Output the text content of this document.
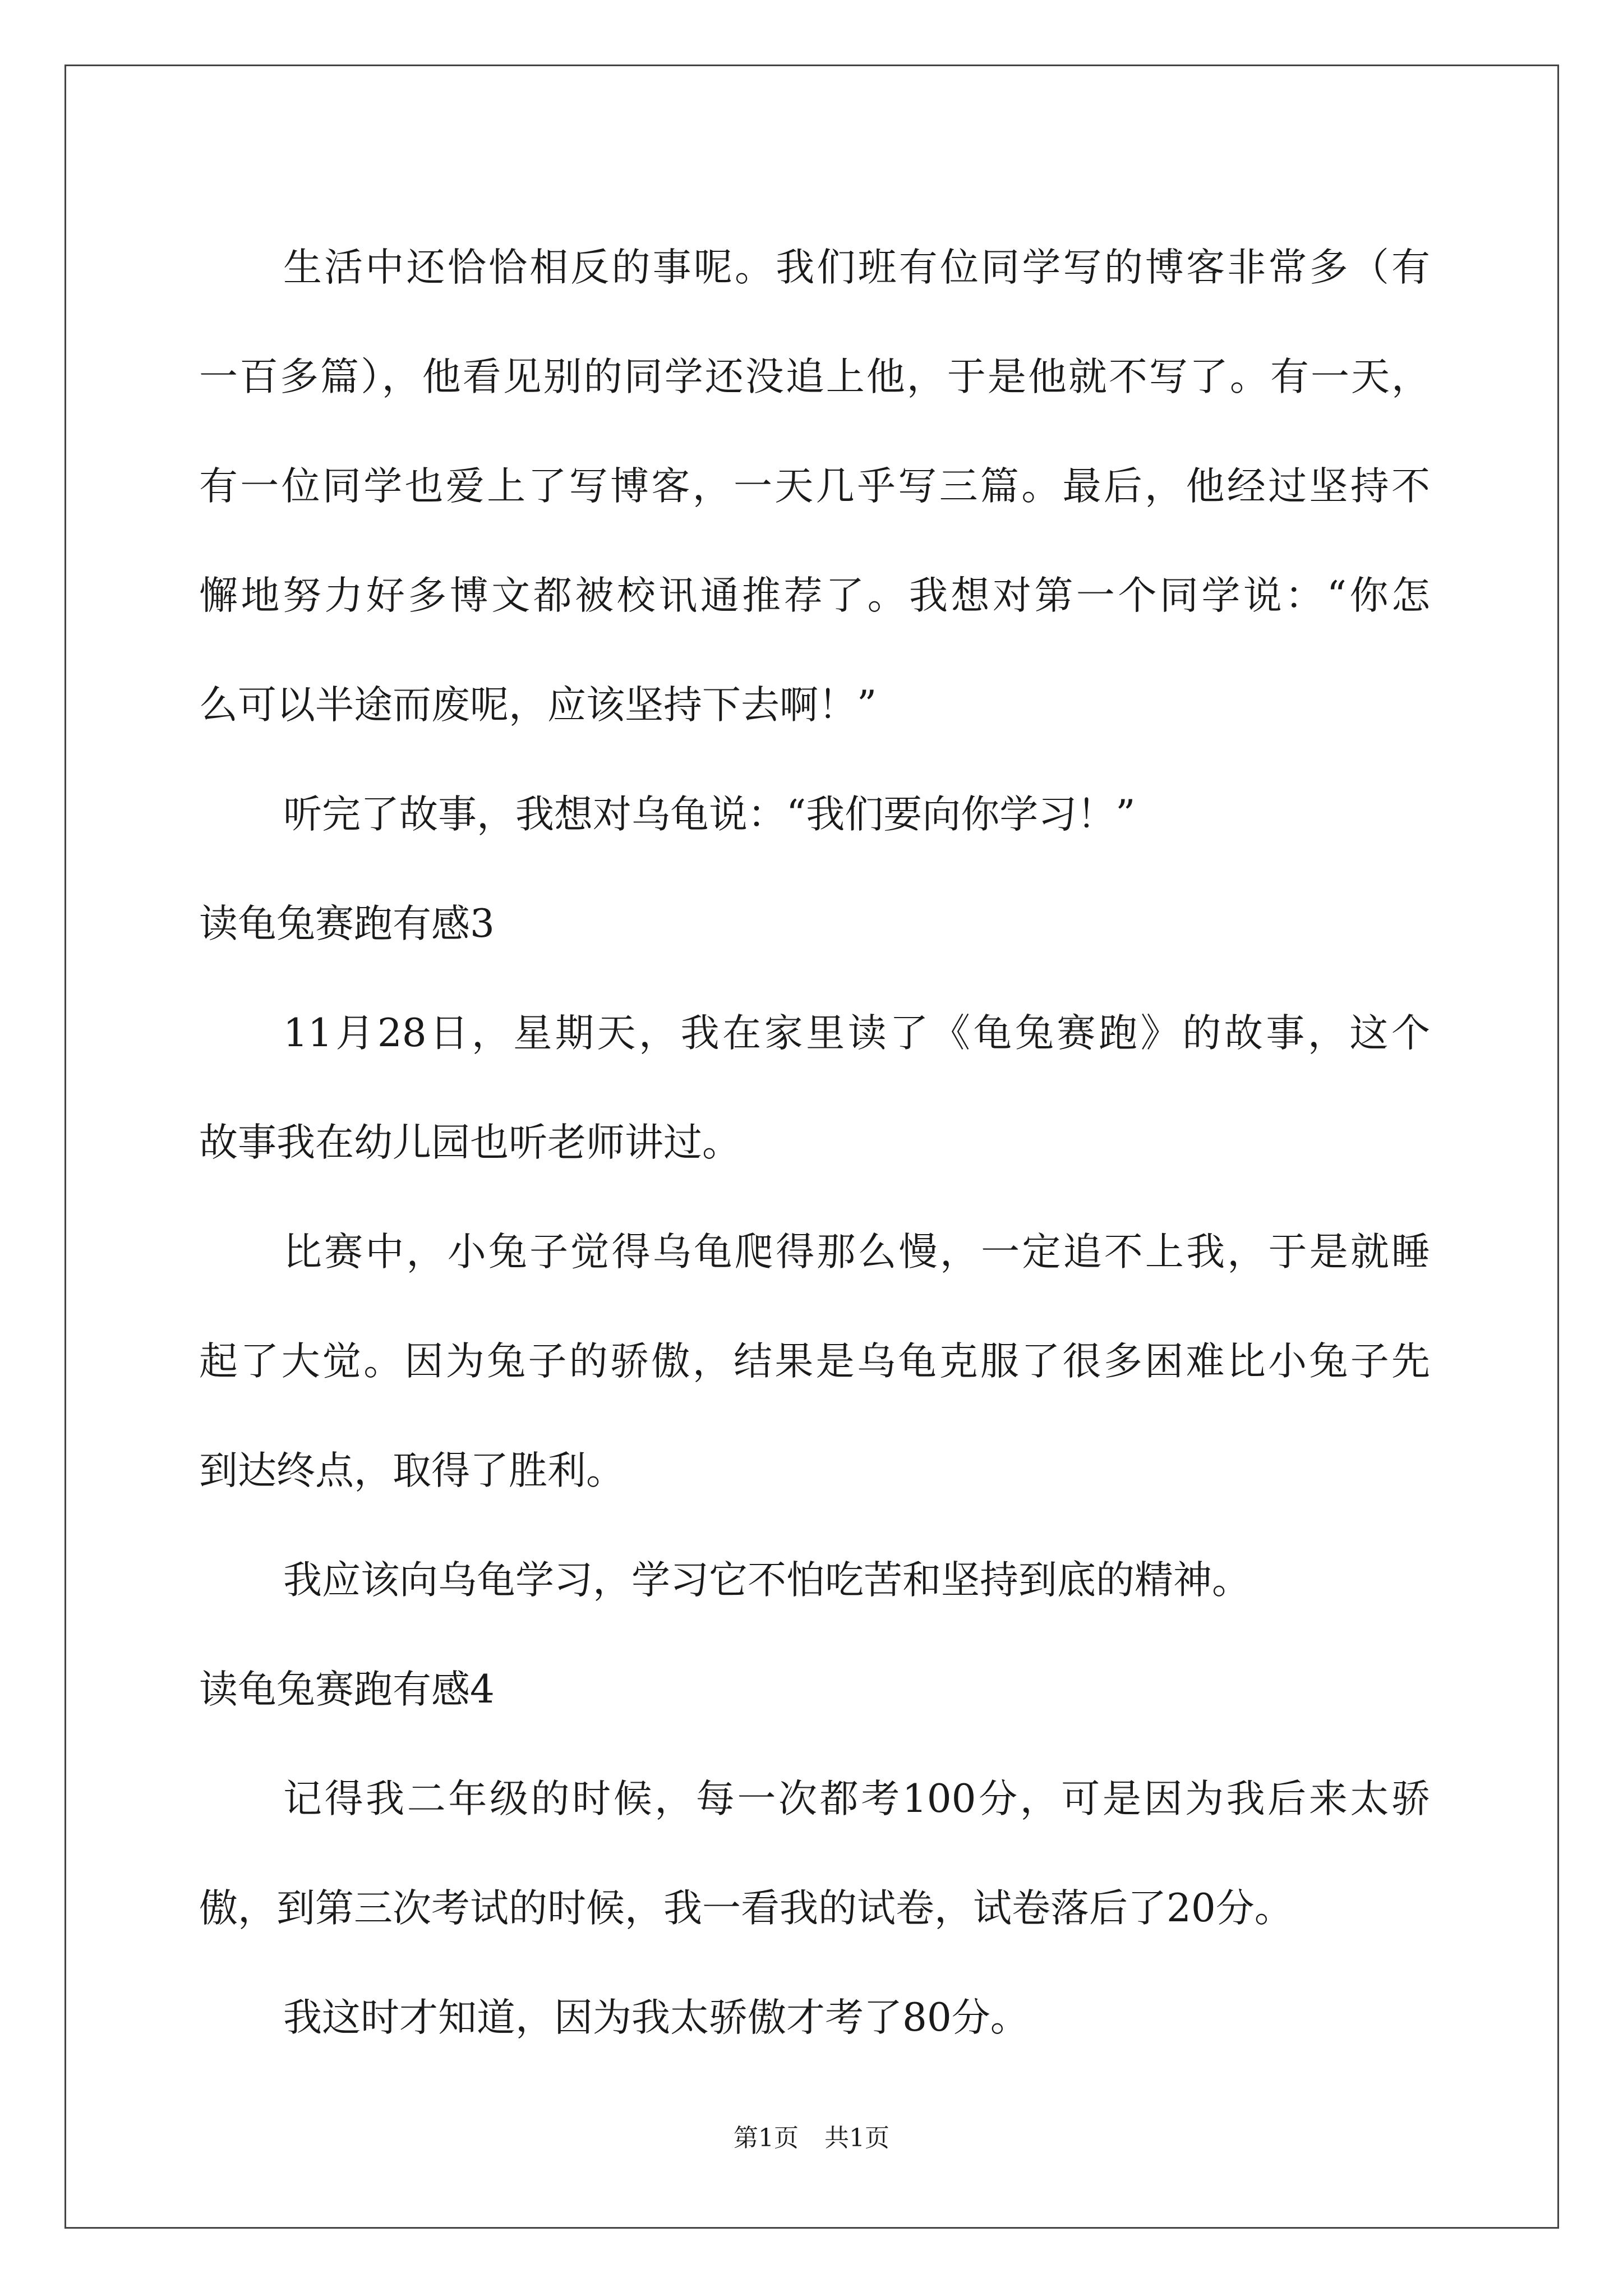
生活中还恰恰相反的事呢。我们班有位同学写的博客非常多（有
一百多篇），他看见别的同学还没追上他，于是他就不写了。有一天，
有一位同学也爱上了写博客，一天几乎写三篇。最后，他经过坚持不
懈地努力好多博文都被校讯通推荐了。我想对第一个同学说：“你怎
么可以半途而废呢，应该坚持下去啊！”
听完了故事，我想对乌龟说：“我们要向你学习！”
读龟兔赛跑有感3
11月28日，星期天，我在家里读了《龟兔赛跑》的故事，这个
故事我在幼儿园也听老师讲过。
比赛中，小兔子觉得乌龟爬得那么慢，一定追不上我，于是就睡
起了大觉。因为兔子的骄傲，结果是乌龟克服了很多困难比小兔子先
到达终点，取得了胜利。
我应该向乌龟学习，学习它不怕吃苦和坚持到底的精神。
读龟兔赛跑有感4
记得我二年级的时候，每一次都考100分，可是因为我后来太骄
傲，到第三次考试的时候，我一看我的试卷，试卷落后了20分。
我这时才知道，因为我太骄傲才考了80分。
第1页 共1页
